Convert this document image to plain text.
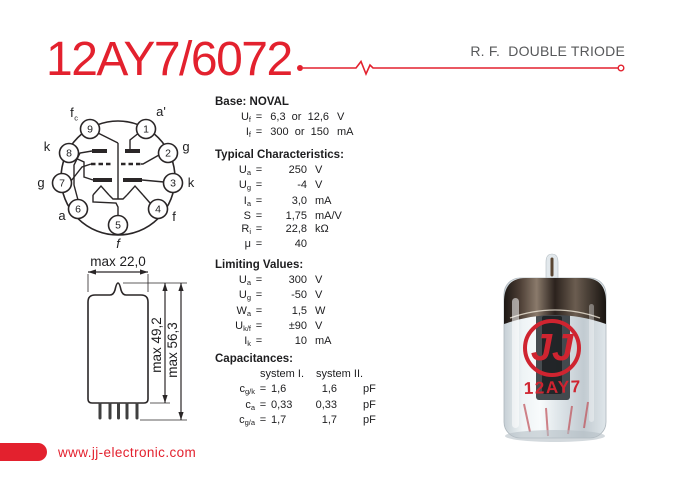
12AY7/6072	R. F.  DOUBLE TRIODE
1
a'
2 g
3 k
4 f
5
f
6
a
7
g
8
k
9
$f_c$
max 22,0
max 49,2 max 56,3
Base: NOVAL
Uf = 6,3  or  12,6 V
If = 300  or  150 mA
Typical Characteristics:
Ua =	250 V
Ug =	-4 V
Ia =	3,0 mA
S =	1,75 mA/V
Ri =	22,8 kΩ
μ =	40
Limiting Values:
Ua =	300 V
Ug =	-50 V
Wa =	1,5 W
Uk/f =	±90 V
Ik =	10 mA
Capacitances:
system I.	system II.
cg/k = 1,6	1,6 pF
ca = 0,33	0,33 pF
cg/a = 1,7	1,7 pF
JJ
12AY7
www.jj-electronic.com
